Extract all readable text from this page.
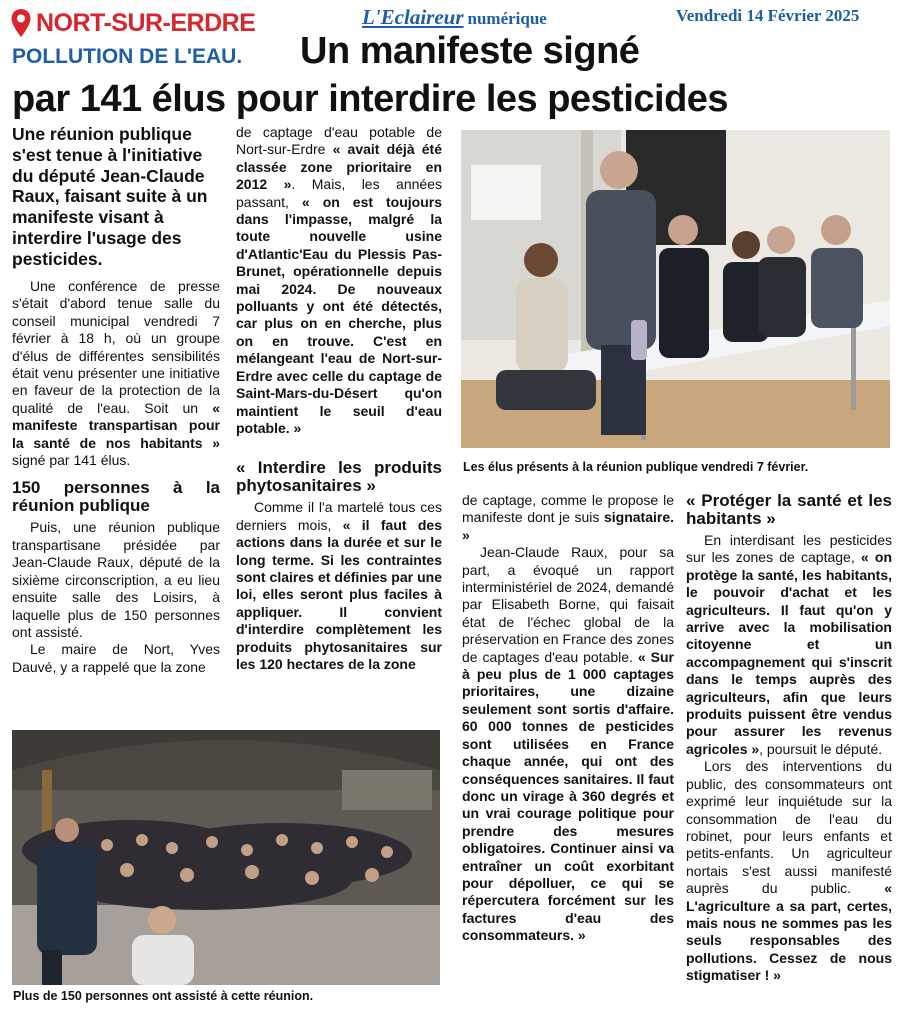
NORT-SUR-ERDRE	L'Eclaireur numérique	Vendredi 14 Février 2025
POLLUTION DE L'EAU. Un manifeste signé
par 141 élus pour interdire les pesticides
Une réunion publique s'est tenue à l'initiative du député Jean-Claude Raux, faisant suite à un manifeste visant à interdire l'usage des pesticides.

Une conférence de presse s'était d'abord tenue salle du conseil municipal vendredi 7 février à 18 h, où un groupe d'élus de différentes sensibilités était venu présenter une initiative en faveur de la protection de la qualité de l'eau. Soit un « manifeste transpartisan pour la santé de nos habitants » signé par 141 élus.

150 personnes à la réunion publique

Puis, une réunion publique transpartisane présidée par Jean-Claude Raux, député de la sixième circonscription, a eu lieu ensuite salle des Loisirs, à laquelle plus de 150 personnes ont assisté.

Le maire de Nort, Yves Dauvé, y a rappelé que la zone

de captage d'eau potable de Nort-sur-Erdre « avait déjà été classée zone prioritaire en 2012 ». Mais, les années passant, « on est toujours dans l'impasse, malgré la toute nouvelle usine d'Atlantic'Eau du Plessis Pas-Brunet, opérationnelle depuis mai 2024. De nouveaux polluants y ont été détectés, car plus on en cherche, plus on en trouve. C'est en mélangeant l'eau de Nort-sur-Erdre avec celle du captage de Saint-Mars-du-Désert qu'on maintient le seuil d'eau potable. »

« Interdire les produits phytosanitaires »

Comme il l'a martelé tous ces derniers mois, « il faut des actions dans la durée et sur le long terme. Si les contraintes sont claires et définies par une loi, elles seront plus faciles à appliquer. Il convient d'interdire complètement les produits phytosanitaires sur les 120 hectares de la zone

Les élus présents à la réunion publique vendredi 7 février.

de captage, comme le propose le manifeste dont je suis signataire. »

Jean-Claude Raux, pour sa part, a évoqué un rapport interministériel de 2024, demandé par Elisabeth Borne, qui faisait état de l'échec global de la préservation en France des zones de captages d'eau potable. « Sur à peu plus de 1 000 captages prioritaires, une dizaine seulement sont sortis d'affaire. 60 000 tonnes de pesticides sont utilisées en France chaque année, qui ont des conséquences sanitaires. Il faut donc un virage à 360 degrés et un vrai courage politique pour prendre des mesures obligatoires. Continuer ainsi va entraîner un coût exorbitant pour dépolluer, ce qui se répercutera forcément sur les factures d'eau des consommateurs. »

« Protéger la santé et les habitants »

En interdisant les pesticides sur les zones de captage, « on protège la santé, les habitants, le pouvoir d'achat et les agriculteurs. Il faut qu'on y arrive avec la mobilisation citoyenne et un accompagnement qui s'inscrit dans le temps auprès des agriculteurs, afin que leurs produits puissent être vendus pour assurer les revenus agricoles », poursuit le député.

Lors des interventions du public, des consommateurs ont exprimé leur inquiétude sur la consommation de l'eau du robinet, pour leurs enfants et petits-enfants. Un agriculteur nortais s'est aussi manifesté auprès du public. « L'agriculture a sa part, certes, mais nous ne sommes pas les seuls responsables des pollutions. Cessez de nous stigmatiser ! »

Plus de 150 personnes ont assisté à cette réunion.
